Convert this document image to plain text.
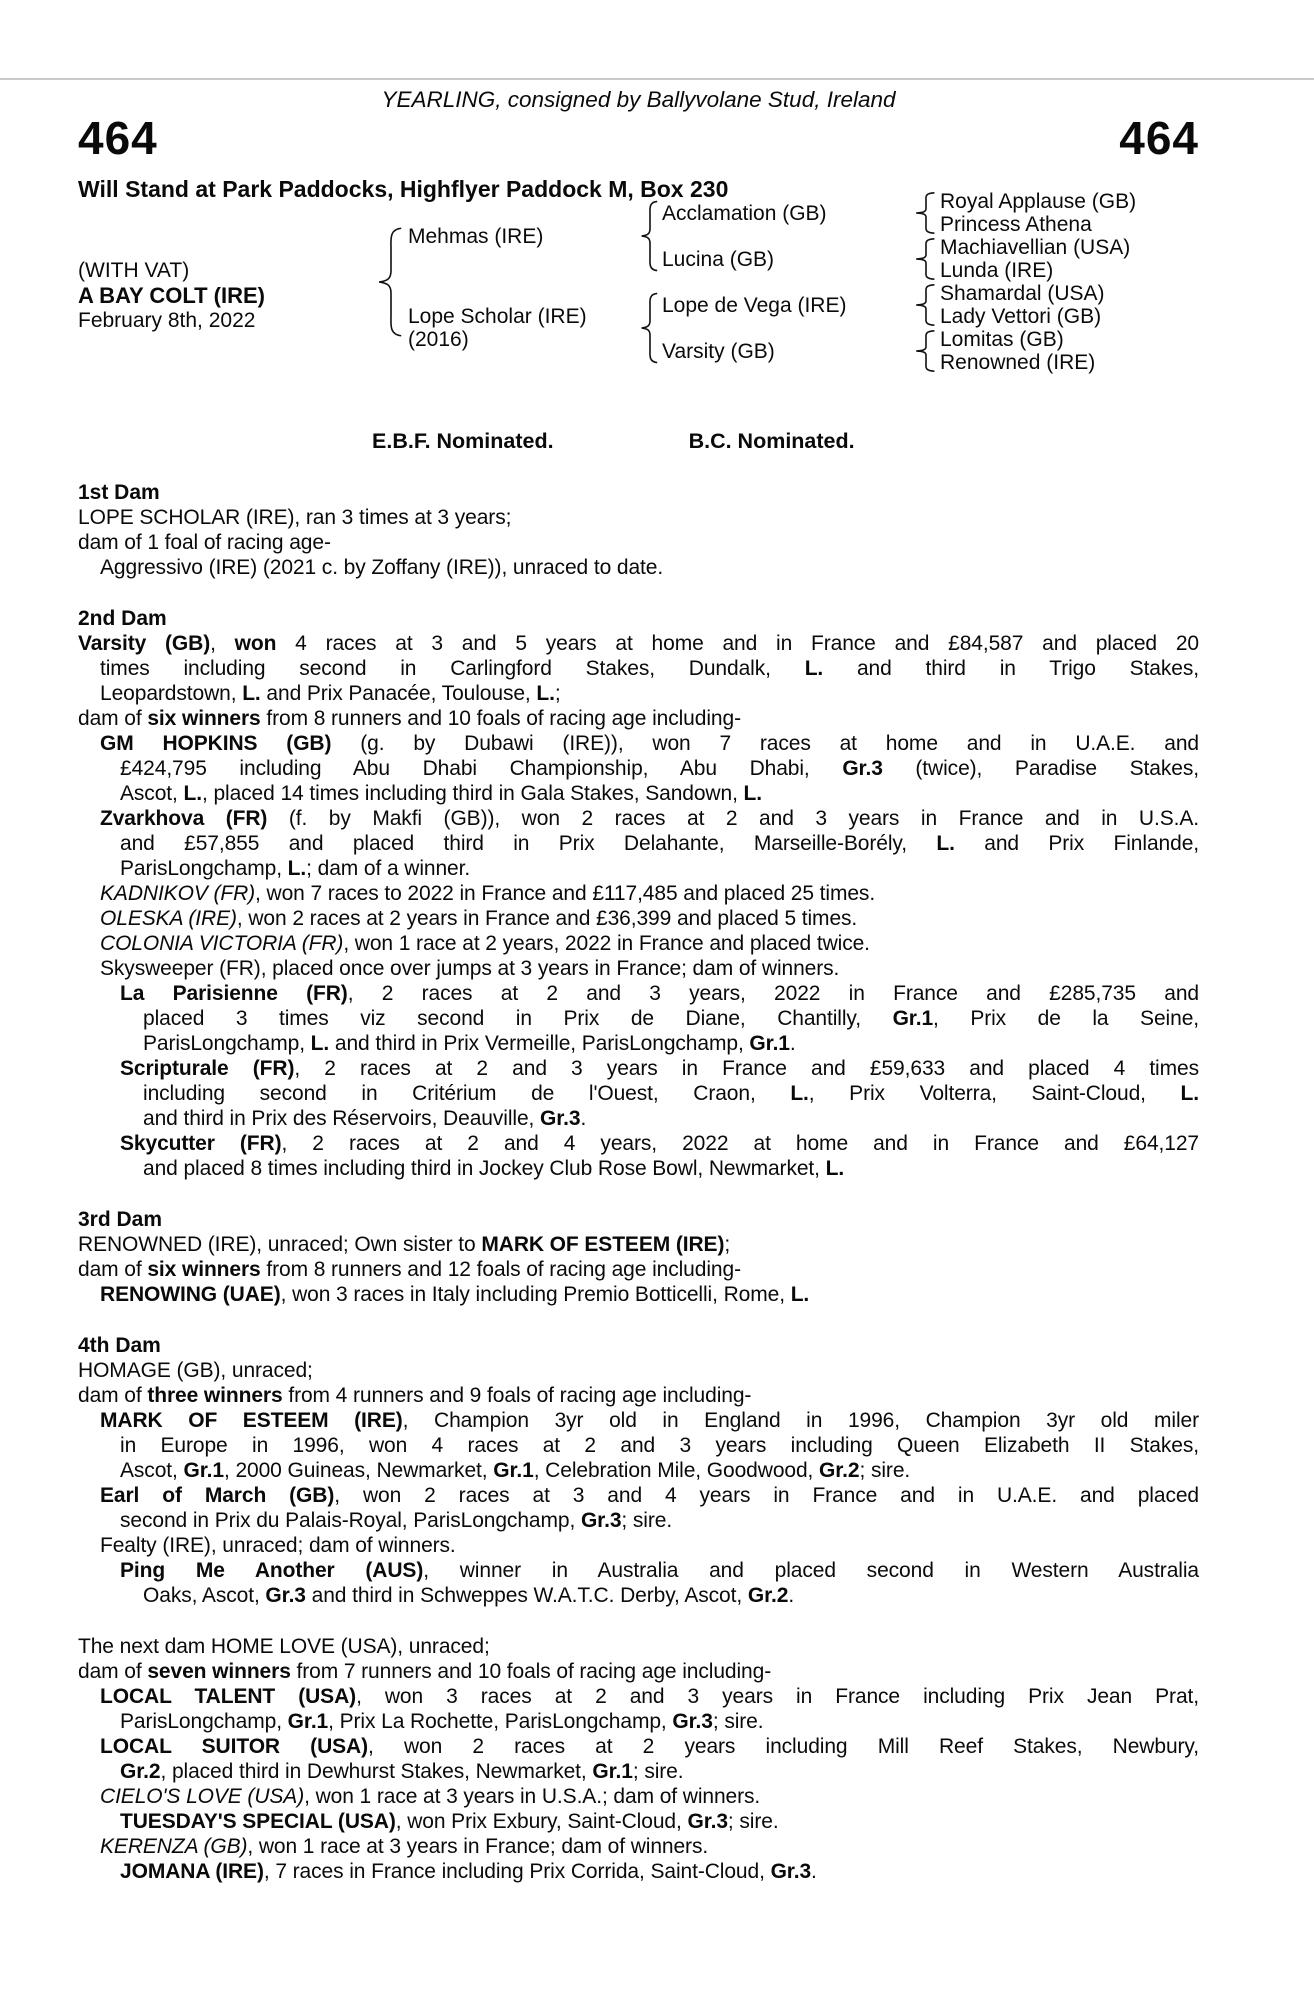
YEARLING, consigned by Ballyvolane Stud, Ireland
464	464
Will Stand at Park Paddocks, Highflyer Paddock M, Box 230
(WITH VAT)
A BAY COLT (IRE)
February 8th, 2022
Mehmas (IRE)
Lope Scholar (IRE)
(2016)
Acclamation (GB)
Lucina (GB)
Lope de Vega (IRE)
Varsity (GB)
Royal Applause (GB)
Princess Athena
Machiavellian (USA)
Lunda (IRE)
Shamardal (USA)
Lady Vettori (GB)
Lomitas (GB)
Renowned (IRE)
E.B.F. Nominated.	B.C. Nominated.
1st Dam
LOPE SCHOLAR (IRE), ran 3 times at 3 years;
dam of 1 foal of racing age-
Aggressivo (IRE) (2021 c. by Zoffany (IRE)), unraced to date.
2nd Dam
Varsity (GB), won 4 races at 3 and 5 years at home and in France and £84,587 and placed 20
times including second in Carlingford Stakes, Dundalk, L. and third in Trigo Stakes,
Leopardstown, L. and Prix Panacée, Toulouse, L.;
dam of six winners from 8 runners and 10 foals of racing age including-
GM HOPKINS (GB) (g. by Dubawi (IRE)), won 7 races at home and in U.A.E. and
£424,795 including Abu Dhabi Championship, Abu Dhabi, Gr.3 (twice), Paradise Stakes,
Ascot, L., placed 14 times including third in Gala Stakes, Sandown, L.
Zvarkhova (FR) (f. by Makfi (GB)), won 2 races at 2 and 3 years in France and in U.S.A.
and £57,855 and placed third in Prix Delahante, Marseille-Borély, L. and Prix Finlande,
ParisLongchamp, L.; dam of a winner.
KADNIKOV (FR), won 7 races to 2022 in France and £117,485 and placed 25 times.
OLESKA (IRE), won 2 races at 2 years in France and £36,399 and placed 5 times.
COLONIA VICTORIA (FR), won 1 race at 2 years, 2022 in France and placed twice.
Skysweeper (FR), placed once over jumps at 3 years in France; dam of winners.
La Parisienne (FR), 2 races at 2 and 3 years, 2022 in France and £285,735 and
placed 3 times viz second in Prix de Diane, Chantilly, Gr.1, Prix de la Seine,
ParisLongchamp, L. and third in Prix Vermeille, ParisLongchamp, Gr.1.
Scripturale (FR), 2 races at 2 and 3 years in France and £59,633 and placed 4 times
including second in Critérium de l'Ouest, Craon, L., Prix Volterra, Saint-Cloud, L.
and third in Prix des Réservoirs, Deauville, Gr.3.
Skycutter (FR), 2 races at 2 and 4 years, 2022 at home and in France and £64,127
and placed 8 times including third in Jockey Club Rose Bowl, Newmarket, L.
3rd Dam
RENOWNED (IRE), unraced; Own sister to MARK OF ESTEEM (IRE);
dam of six winners from 8 runners and 12 foals of racing age including-
RENOWING (UAE), won 3 races in Italy including Premio Botticelli, Rome, L.
4th Dam
HOMAGE (GB), unraced;
dam of three winners from 4 runners and 9 foals of racing age including-
MARK OF ESTEEM (IRE), Champion 3yr old in England in 1996, Champion 3yr old miler
in Europe in 1996, won 4 races at 2 and 3 years including Queen Elizabeth II Stakes,
Ascot, Gr.1, 2000 Guineas, Newmarket, Gr.1, Celebration Mile, Goodwood, Gr.2; sire.
Earl of March (GB), won 2 races at 3 and 4 years in France and in U.A.E. and placed
second in Prix du Palais-Royal, ParisLongchamp, Gr.3; sire.
Fealty (IRE), unraced; dam of winners.
Ping Me Another (AUS), winner in Australia and placed second in Western Australia
Oaks, Ascot, Gr.3 and third in Schweppes W.A.T.C. Derby, Ascot, Gr.2.
The next dam HOME LOVE (USA), unraced;
dam of seven winners from 7 runners and 10 foals of racing age including-
LOCAL TALENT (USA), won 3 races at 2 and 3 years in France including Prix Jean Prat,
ParisLongchamp, Gr.1, Prix La Rochette, ParisLongchamp, Gr.3; sire.
LOCAL SUITOR (USA), won 2 races at 2 years including Mill Reef Stakes, Newbury,
Gr.2, placed third in Dewhurst Stakes, Newmarket, Gr.1; sire.
CIELO'S LOVE (USA), won 1 race at 3 years in U.S.A.; dam of winners.
TUESDAY'S SPECIAL (USA), won Prix Exbury, Saint-Cloud, Gr.3; sire.
KERENZA (GB), won 1 race at 3 years in France; dam of winners.
JOMANA (IRE), 7 races in France including Prix Corrida, Saint-Cloud, Gr.3.
